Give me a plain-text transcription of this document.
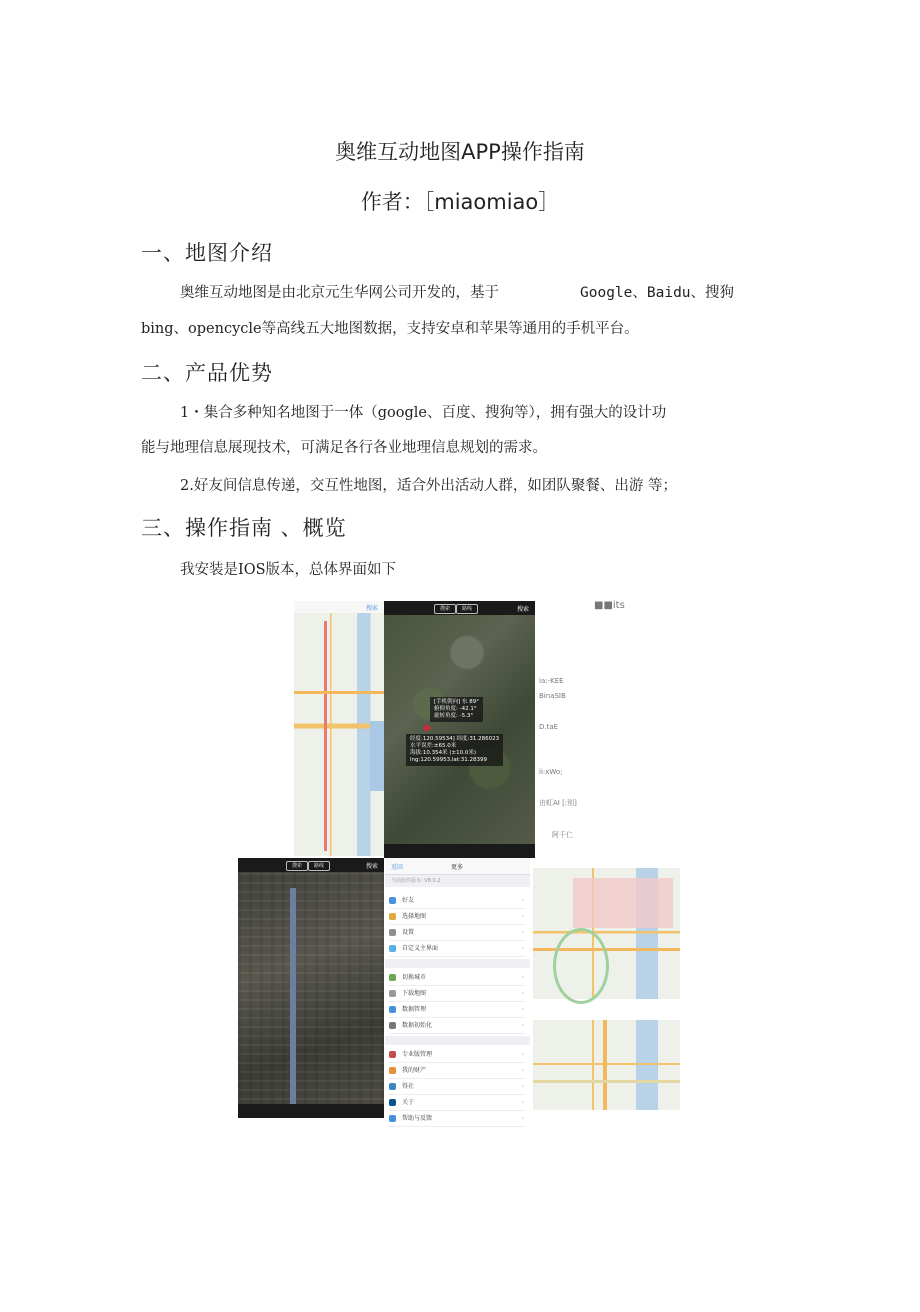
奥维互动地图APP操作指南
作者：［miaomiao］
一、地图介绍
奥维互动地图是由北京元生华网公司开发的，基于	Google、Baidu、搜狗
bing、opencycle等高线五大地图数据，支持安卓和苹果等通用的手机平台。
二、产品优势
1・集合多种知名地图于一体（google、百度、搜狗等），拥有强大的设计功
能与地理信息展现技术，可满足各行各业地理信息规划的需求。
2.好友间信息传递，交互性地图，适合外出活动人群，如团队聚餐、出游 等；
三、操作指南 、概览
我安装是IOS版本，总体界面如下
搜索	搜索	路线	搜索
[手机朝向] 东 89°
俯仰角度: -42.1°
旋转角度: -5.3°
经度:120.59534] 纬度:31.286023
水平误差:±65.0米
海拔:10.354米 (±10.0米)
lng:120.59953,lat:31.28399
■■its
ia:-KEE
BinaSIB
D.taE
ii:xWo;
由虹AI [:别]
阿千仁
搜索	路线	搜索 返回	更多
当前软件版本: V8.0.2
好友	›
选择地图	›
设置	›
自定义主界面	›
切换城市	›
下载地图	›
数据管理	›
数据初始化	›
专业版管理	›
我的财产	›
得社	›
关于	›
帮助与反馈	›
